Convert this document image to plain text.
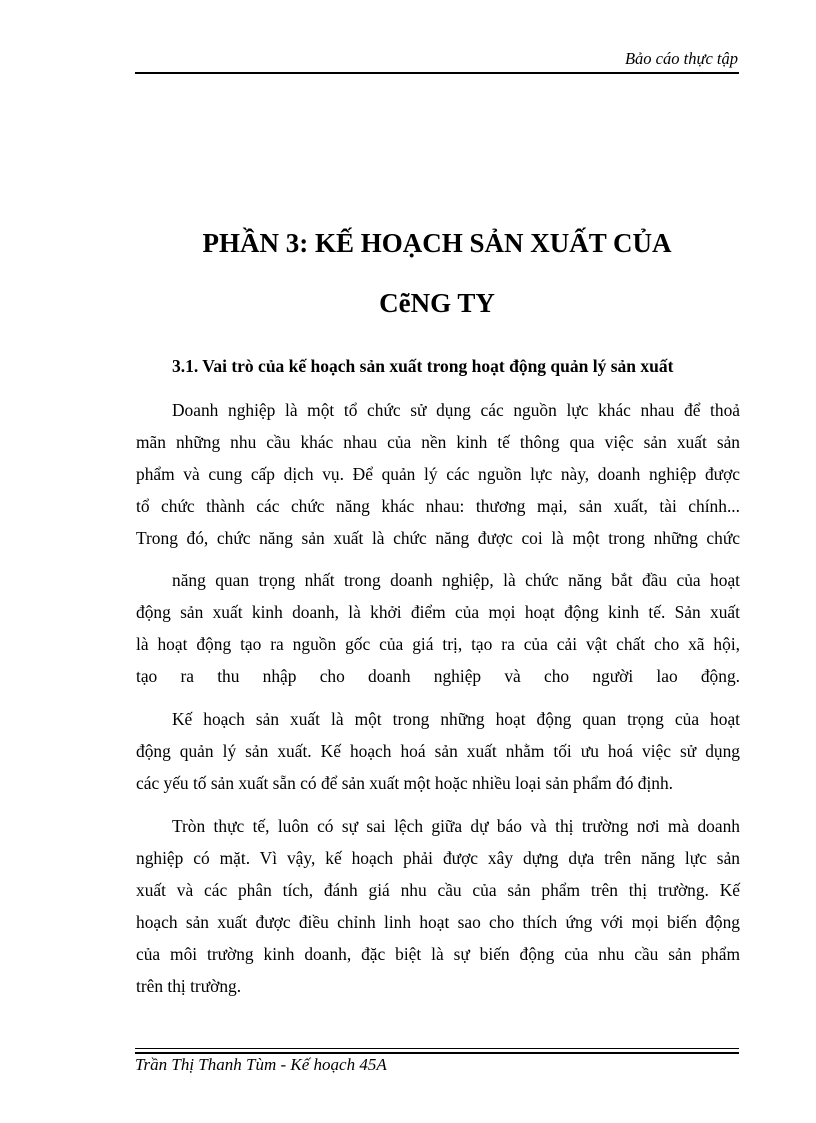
Bảo cáo thực tập
PHẦN 3: KẾ HOẠCH SẢN XUẤT CỦA
CẽNG TY
3.1. Vai trò của kế hoạch sản xuất trong hoạt động quản lý sản xuất
Doanh nghiệp là một tổ chức sử dụng các nguồn lực khác nhau để thoả
mãn những nhu cầu khác nhau của nền kinh tế thông qua việc sản xuất sản
phẩm và cung cấp dịch vụ. Để quản lý các nguồn lực này, doanh nghiệp được
tổ chức thành các chức năng khác nhau: thương mại, sản xuất, tài chính...
Trong đó, chức năng sản xuất là chức năng được coi là một trong những chức
năng quan trọng nhất trong doanh nghiệp, là chức năng bắt đầu của hoạt
động sản xuất kinh doanh, là khởi điểm của mọi hoạt động kinh tế. Sản xuất
là hoạt động tạo ra nguồn gốc của giá trị, tạo ra của cải vật chất cho xã hội,
tạo ra thu nhập cho doanh nghiệp và cho người lao động.
Kế hoạch sản xuất là một trong những hoạt động quan trọng của hoạt
động quản lý sản xuất. Kế hoạch hoá sản xuất nhằm tối ưu hoá việc sử dụng
các yếu tố sản xuất sẵn có để sản xuất một hoặc nhiều loại sản phẩm đó định.
Tròn thực tế, luôn có sự sai lệch giữa dự báo và thị trường nơi mà doanh
nghiệp có mặt. Vì vậy, kế hoạch phải được xây dựng dựa trên năng lực sản
xuất và các phân tích, đánh giá nhu cầu của sản phẩm trên thị trường. Kế
hoạch sản xuất được điều chỉnh linh hoạt sao cho thích ứng với mọi biến động
của môi trường kinh doanh, đặc biệt là sự biến động của nhu cầu sản phẩm
trên thị trường.
Trần Thị Thanh Tùm - Kế hoạch 45A
